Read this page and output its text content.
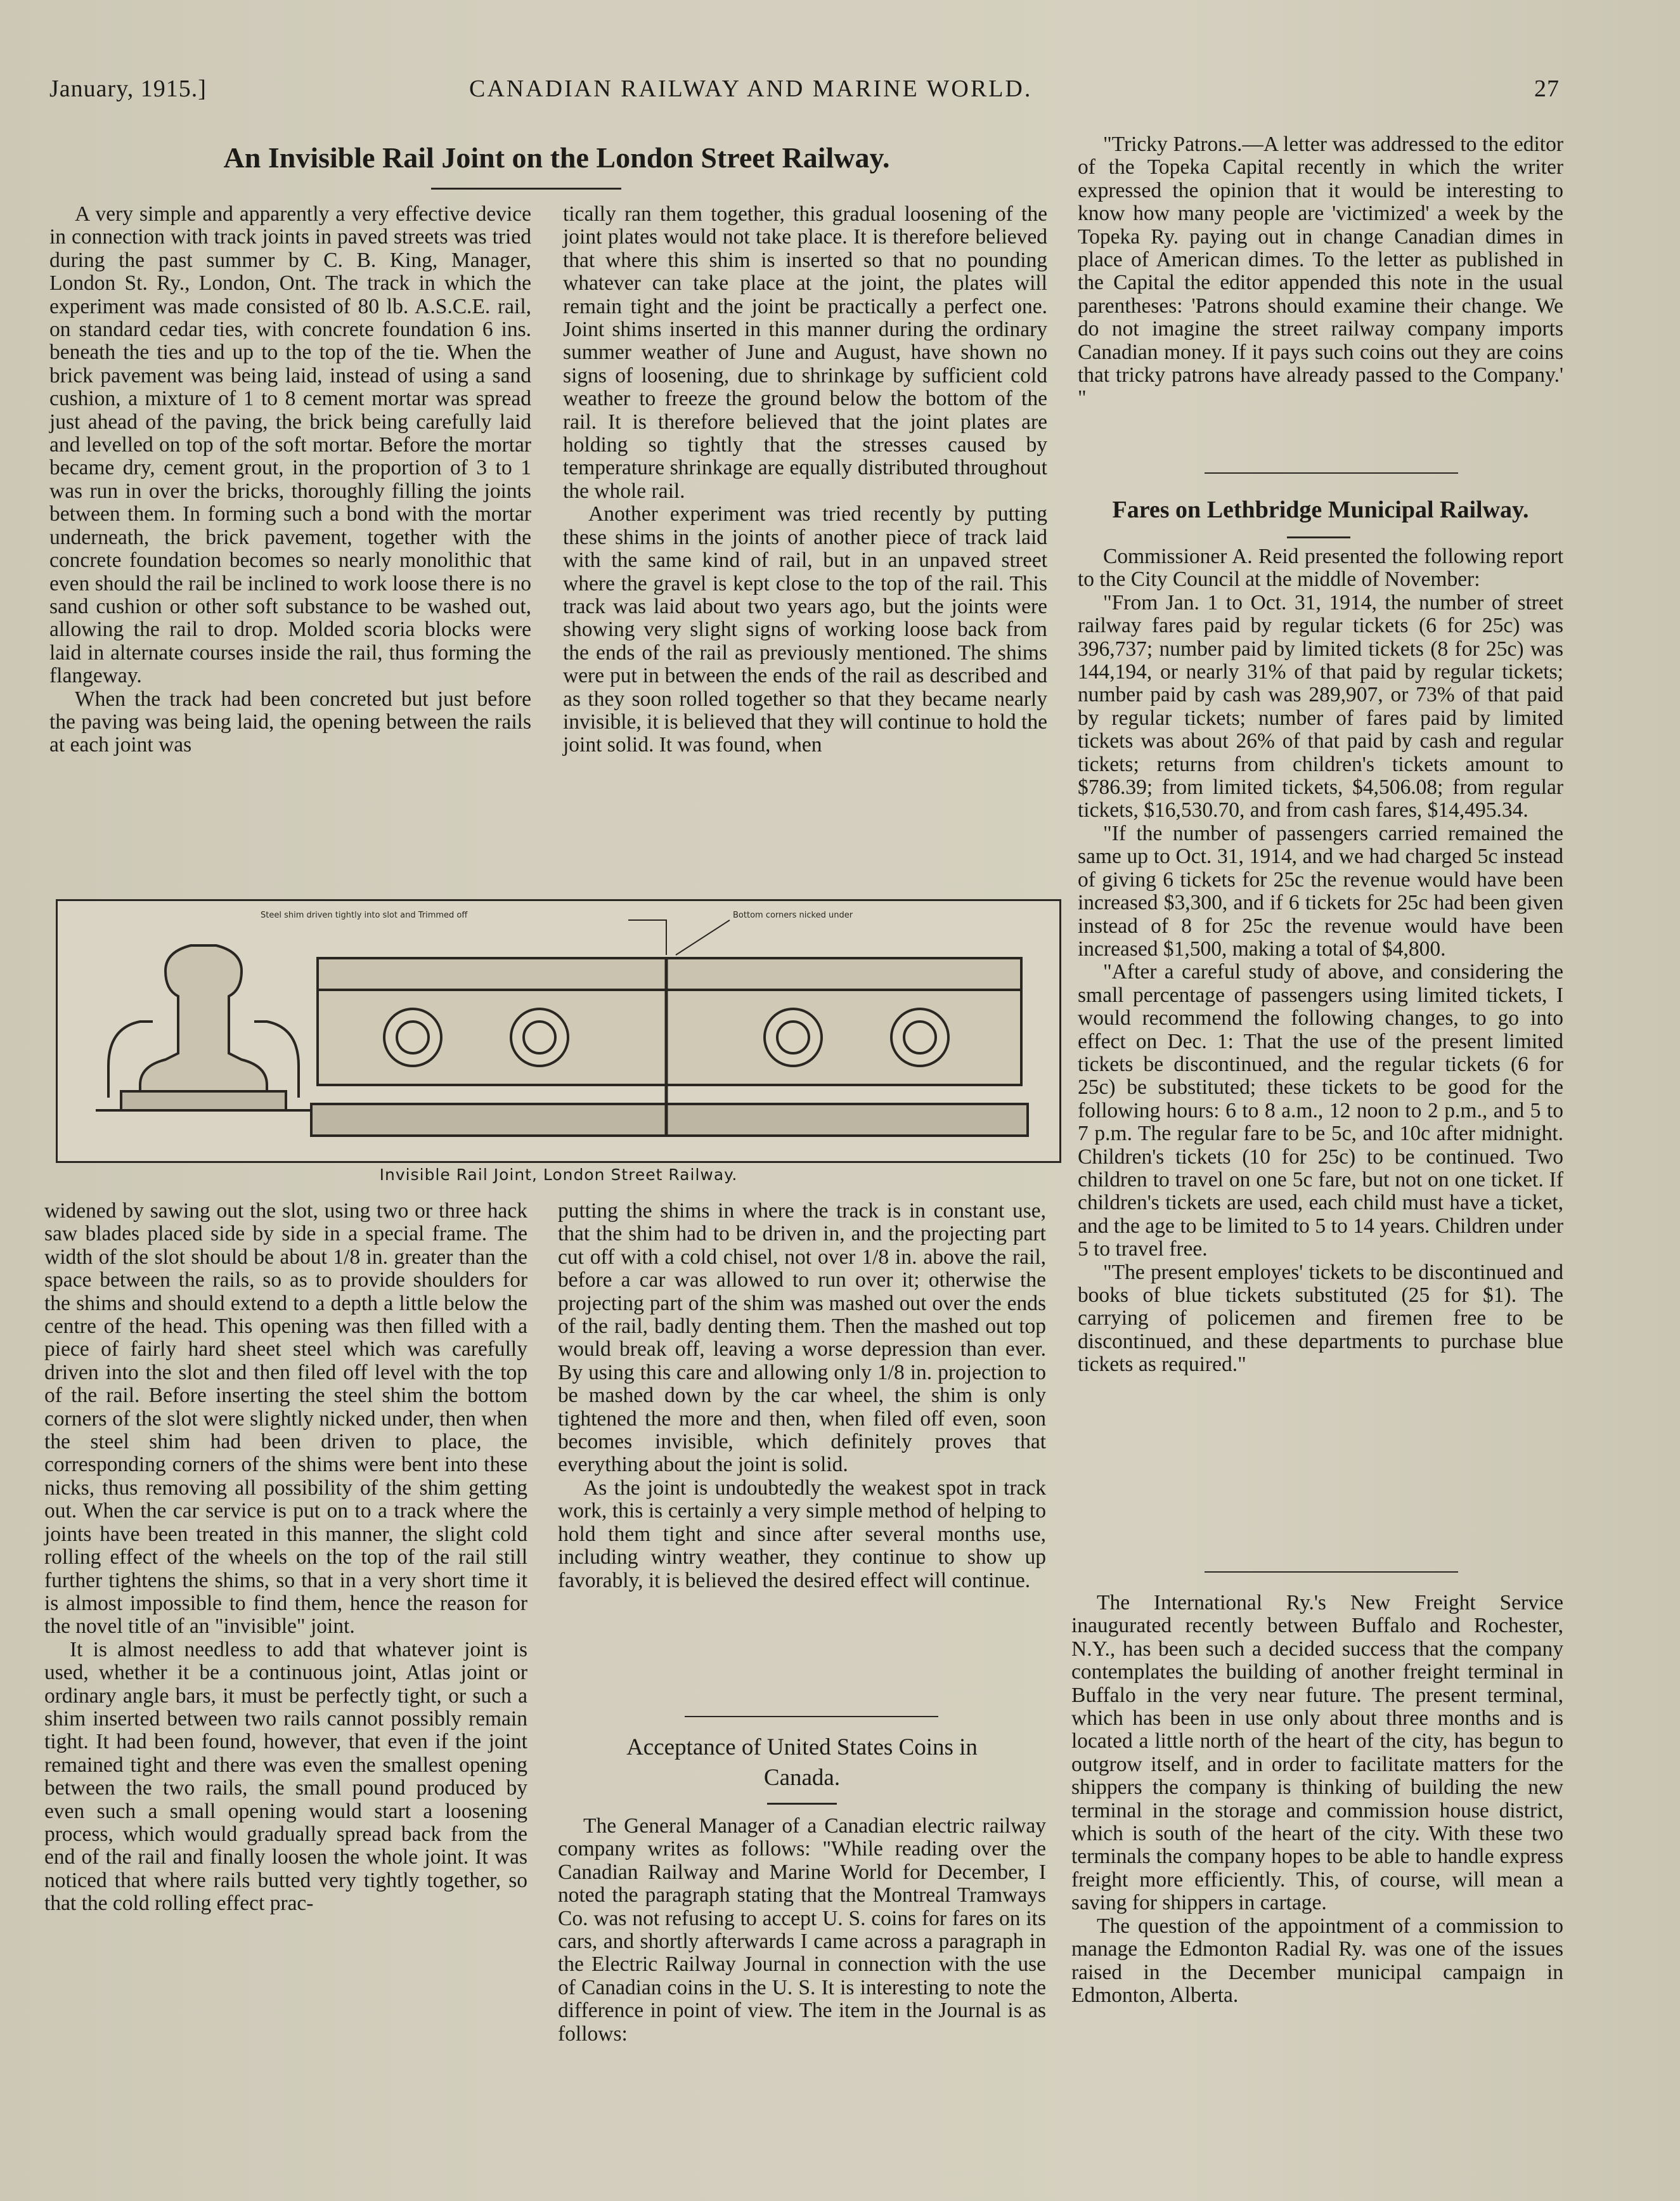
January, 1915.]	CANADIAN RAILWAY AND MARINE WORLD.	27
An Invisible Rail Joint on the London Street Railway.

A very simple and apparently a very effective device in connection with track joints in paved streets was tried during the past summer by C. B. King, Manager, London St. Ry., London, Ont. The track in which the experiment was made consisted of 80 lb. A.S.C.E. rail, on standard cedar ties, with concrete foundation 6 ins. beneath the ties and up to the top of the tie. When the brick pavement was being laid, instead of using a sand cushion, a mixture of 1 to 8 cement mortar was spread just ahead of the paving, the brick being carefully laid and levelled on top of the soft mortar. Before the mortar became dry, cement grout, in the proportion of 3 to 1 was run in over the bricks, thoroughly filling the joints between them. In forming such a bond with the mortar underneath, the brick pavement, together with the concrete foundation becomes so nearly monolithic that even should the rail be inclined to work loose there is no sand cushion or other soft substance to be washed out, allowing the rail to drop. Molded scoria blocks were laid in alternate courses inside the rail, thus forming the flangeway.

When the track had been concreted but just before the paving was being laid, the opening between the rails at each joint was

tically ran them together, this gradual loosening of the joint plates would not take place. It is therefore believed that where this shim is inserted so that no pounding whatever can take place at the joint, the plates will remain tight and the joint be practically a perfect one. Joint shims inserted in this manner during the ordinary summer weather of June and August, have shown no signs of loosening, due to shrinkage by sufficient cold weather to freeze the ground below the bottom of the rail. It is therefore believed that the joint plates are holding so tightly that the stresses caused by temperature shrinkage are equally distributed throughout the whole rail.

Another experiment was tried recently by putting these shims in the joints of another piece of track laid with the same kind of rail, but in an unpaved street where the gravel is kept close to the top of the rail. This track was laid about two years ago, but the joints were showing very slight signs of working loose back from the ends of the rail as previously mentioned. The shims were put in between the ends of the rail as described and as they soon rolled together so that they became nearly invisible, it is believed that they will continue to hold the joint solid. It was found, when

Steel shim driven tightly into slot and Trimmed off	Bottom corners nicked under
Invisible Rail Joint, London Street Railway.

widened by sawing out the slot, using two or three hack saw blades placed side by side in a special frame. The width of the slot should be about 1/8 in. greater than the space between the rails, so as to provide shoulders for the shims and should extend to a depth a little below the centre of the head. This opening was then filled with a piece of fairly hard sheet steel which was carefully driven into the slot and then filed off level with the top of the rail. Before inserting the steel shim the bottom corners of the slot were slightly nicked under, then when the steel shim had been driven to place, the corresponding corners of the shims were bent into these nicks, thus removing all possibility of the shim getting out. When the car service is put on to a track where the joints have been treated in this manner, the slight cold rolling effect of the wheels on the top of the rail still further tightens the shims, so that in a very short time it is almost impossible to find them, hence the reason for the novel title of an "invisible" joint.

It is almost needless to add that whatever joint is used, whether it be a continuous joint, Atlas joint or ordinary angle bars, it must be perfectly tight, or such a shim inserted between two rails cannot possibly remain tight. It had been found, however, that even if the joint remained tight and there was even the smallest opening between the two rails, the small pound produced by even such a small opening would start a loosening process, which would gradually spread back from the end of the rail and finally loosen the whole joint. It was noticed that where rails butted very tightly together, so that the cold rolling effect prac-

putting the shims in where the track is in constant use, that the shim had to be driven in, and the projecting part cut off with a cold chisel, not over 1/8 in. above the rail, before a car was allowed to run over it; otherwise the projecting part of the shim was mashed out over the ends of the rail, badly denting them. Then the mashed out top would break off, leaving a worse depression than ever. By using this care and allowing only 1/8 in. projection to be mashed down by the car wheel, the shim is only tightened the more and then, when filed off even, soon becomes invisible, which definitely proves that everything about the joint is solid.

As the joint is undoubtedly the weakest spot in track work, this is certainly a very simple method of helping to hold them tight and since after several months use, including wintry weather, they continue to show up favorably, it is believed the desired effect will continue.

Acceptance of United States Coins in
Canada.

The General Manager of a Canadian electric railway company writes as follows: "While reading over the Canadian Railway and Marine World for December, I noted the paragraph stating that the Montreal Tramways Co. was not refusing to accept U. S. coins for fares on its cars, and shortly afterwards I came across a paragraph in the Electric Railway Journal in connection with the use of Canadian coins in the U. S. It is interesting to note the difference in point of view. The item in the Journal is as follows:

"Tricky Patrons.—A letter was addressed to the editor of the Topeka Capital recently in which the writer expressed the opinion that it would be interesting to know how many people are 'victimized' a week by the Topeka Ry. paying out in change Canadian dimes in place of American dimes. To the letter as published in the Capital the editor appended this note in the usual parentheses: 'Patrons should examine their change. We do not imagine the street railway company imports Canadian money. If it pays such coins out they are coins that tricky patrons have already passed to the Company.' "

Fares on Lethbridge Municipal Railway.

Commissioner A. Reid presented the following report to the City Council at the middle of November:

"From Jan. 1 to Oct. 31, 1914, the number of street railway fares paid by regular tickets (6 for 25c) was 396,737; number paid by limited tickets (8 for 25c) was 144,194, or nearly 31% of that paid by regular tickets; number paid by cash was 289,907, or 73% of that paid by regular tickets; number of fares paid by limited tickets was about 26% of that paid by cash and regular tickets; returns from children's tickets amount to $786.39; from limited tickets, $4,506.08; from regular tickets, $16,530.70, and from cash fares, $14,495.34.

"If the number of passengers carried remained the same up to Oct. 31, 1914, and we had charged 5c instead of giving 6 tickets for 25c the revenue would have been increased $3,300, and if 6 tickets for 25c had been given instead of 8 for 25c the revenue would have been increased $1,500, making a total of $4,800.

"After a careful study of above, and considering the small percentage of passengers using limited tickets, I would recommend the following changes, to go into effect on Dec. 1: That the use of the present limited tickets be discontinued, and the regular tickets (6 for 25c) be substituted; these tickets to be good for the following hours: 6 to 8 a.m., 12 noon to 2 p.m., and 5 to 7 p.m. The regular fare to be 5c, and 10c after midnight. Children's tickets (10 for 25c) to be continued. Two children to travel on one 5c fare, but not on one ticket. If children's tickets are used, each child must have a ticket, and the age to be limited to 5 to 14 years. Children under 5 to travel free.

"The present employes' tickets to be discontinued and books of blue tickets substituted (25 for $1). The carrying of policemen and firemen free to be discontinued, and these departments to purchase blue tickets as required."

The International Ry.'s New Freight Service inaugurated recently between Buffalo and Rochester, N.Y., has been such a decided success that the company contemplates the building of another freight terminal in Buffalo in the very near future. The present terminal, which has been in use only about three months and is located a little north of the heart of the city, has begun to outgrow itself, and in order to facilitate matters for the shippers the company is thinking of building the new terminal in the storage and commission house district, which is south of the heart of the city. With these two terminals the company hopes to be able to handle express freight more efficiently. This, of course, will mean a saving for shippers in cartage.

The question of the appointment of a commission to manage the Edmonton Radial Ry. was one of the issues raised in the December municipal campaign in Edmonton, Alberta.
